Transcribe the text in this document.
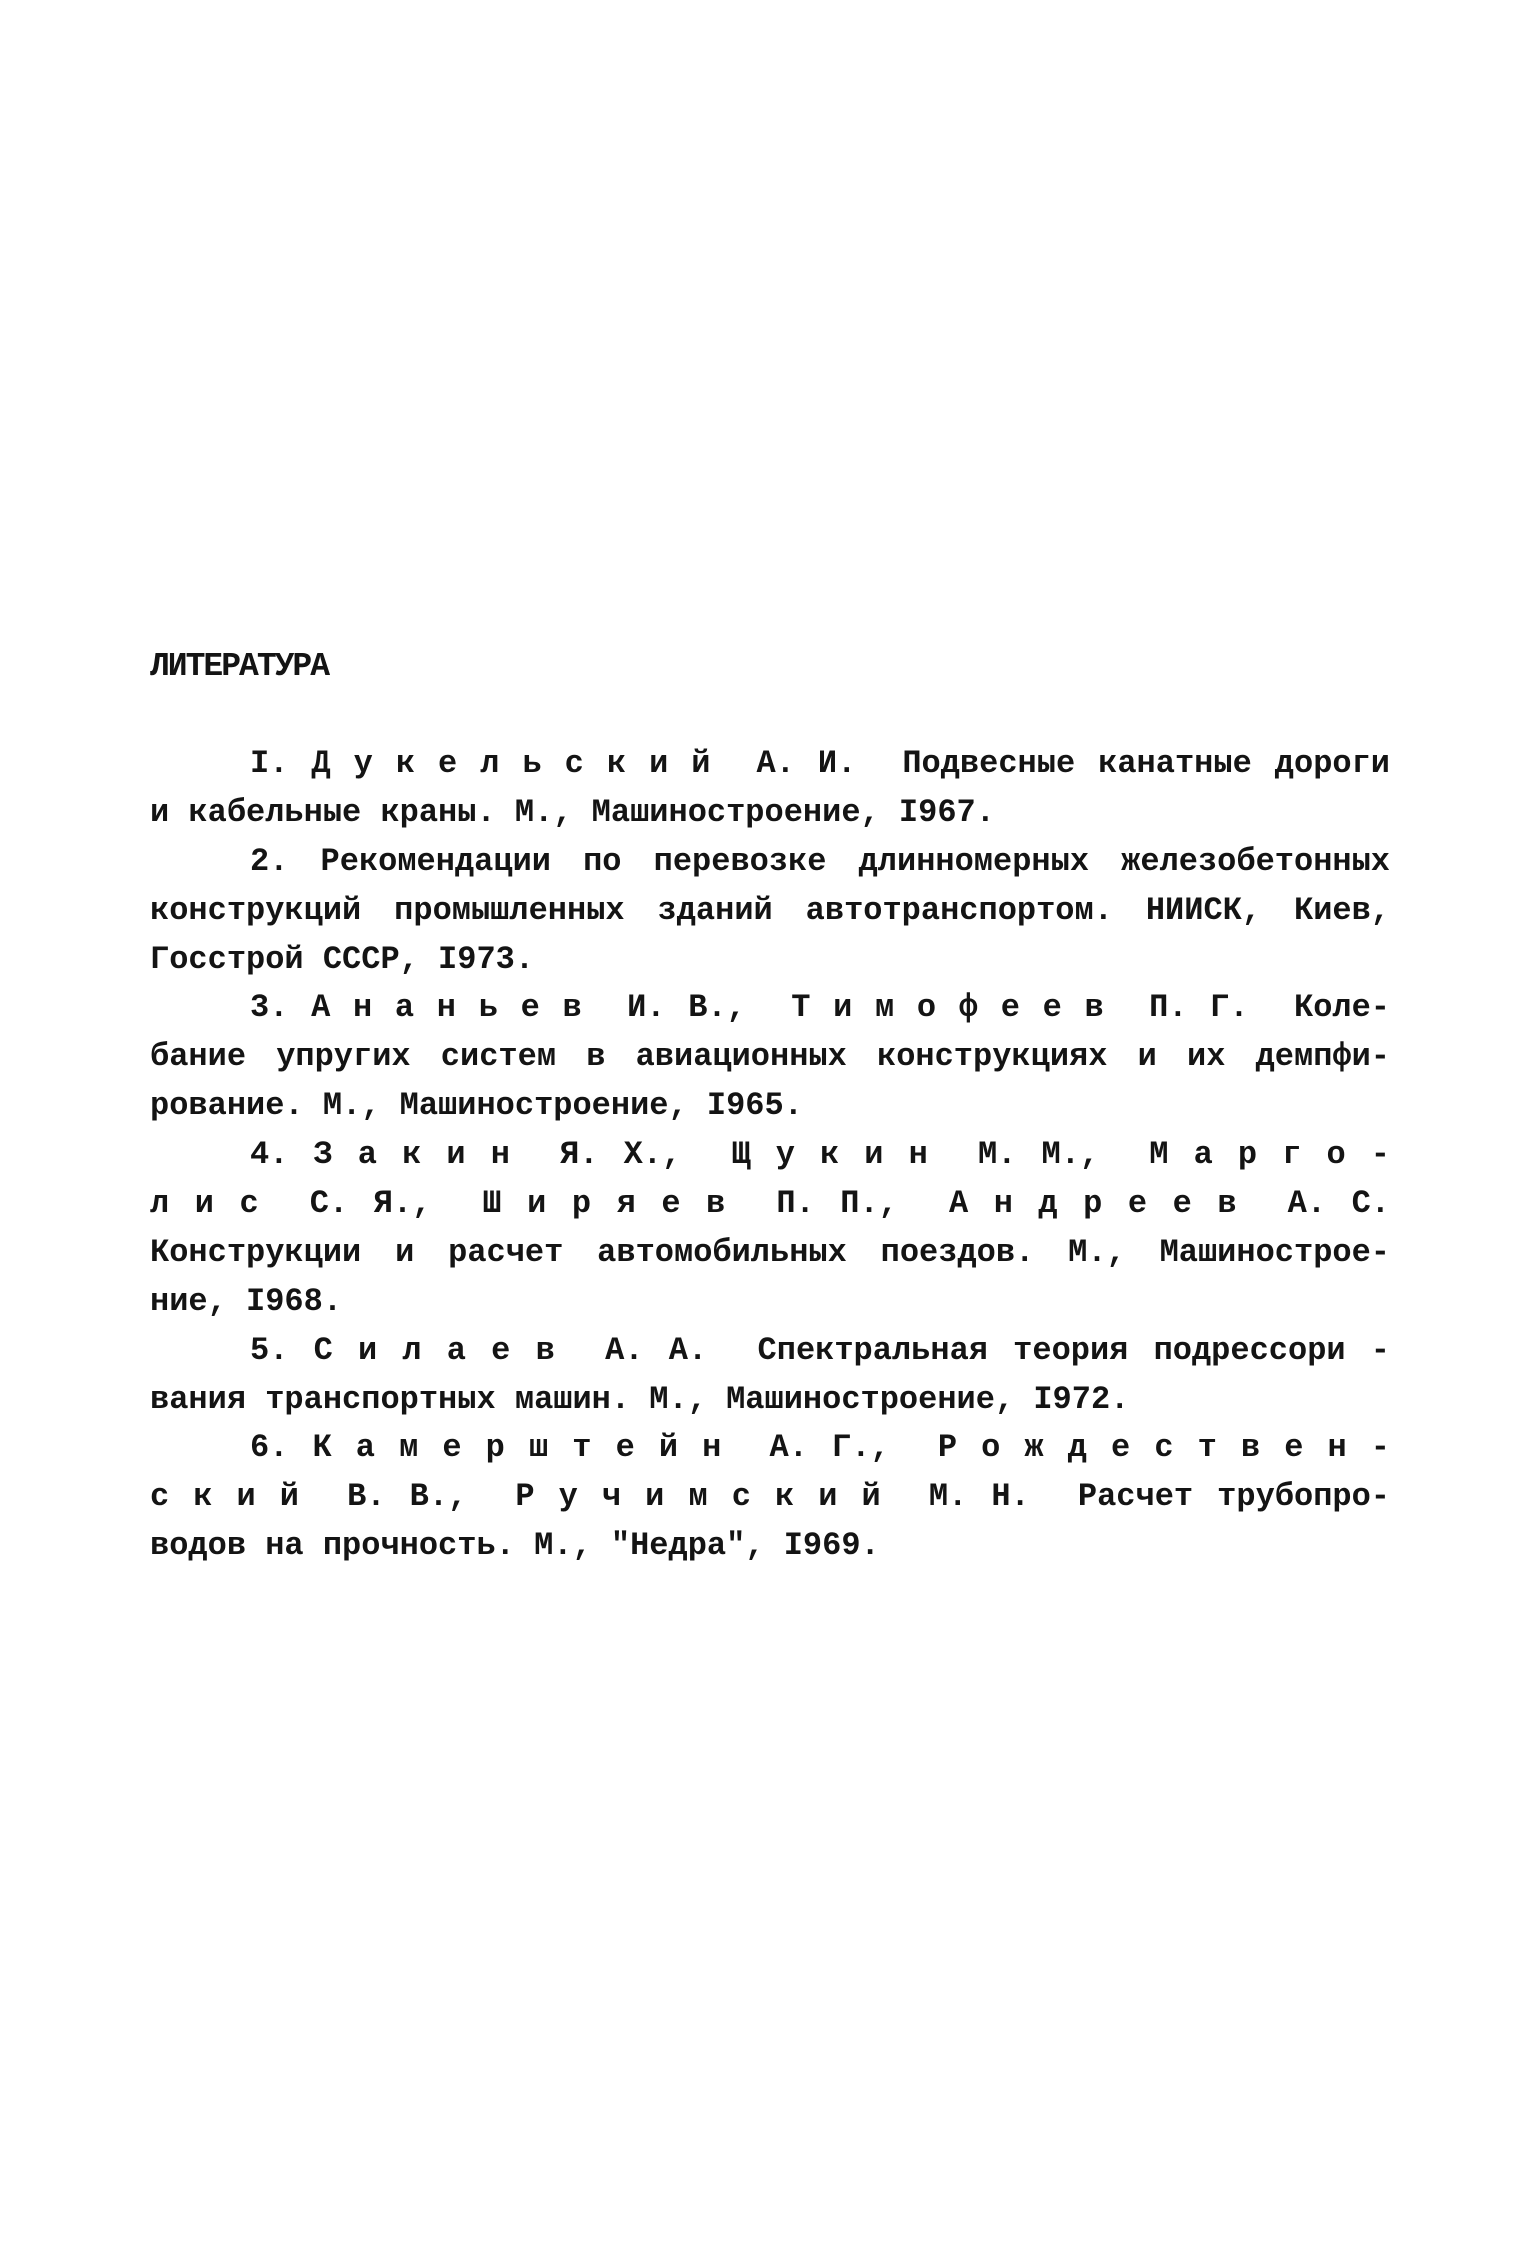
ЛИТЕРАТУРА
I. Д у к е л ь с к и й  А. И.  Подвесные канатные дороги
и кабельные краны. М., Машиностроение, I967.
2. Рекомендации по перевозке длинномерных железобетонных
конструкций промышленных зданий автотранспортом. НИИСК, Киев,
Госстрой СССР, I973.
3. А н а н ь е в  И. В.,  Т и м о ф е е в  П. Г.  Коле-
бание упругих систем в авиационных конструкциях и их демпфи-
рование. М., Машиностроение, I965.
4. З а к и н  Я. Х.,  Щ у к и н  М. М.,  М а р г о -
л и с  С. Я.,  Ш и р я е в  П. П.,  А н д р е е в  А. С.
Конструкции и расчет автомобильных поездов. М., Машинострое-
ние, I968.
5. С и л а е в  А. А.  Спектральная теория подрессори -
вания транспортных машин. М., Машиностроение, I972.
6. К а м е р ш т е й н  А. Г.,  Р о ж д е с т в е н -
с к и й  В. В.,  Р у ч и м с к и й  М. Н.  Расчет трубопро-
водов на прочность. М., "Недра", I969.
